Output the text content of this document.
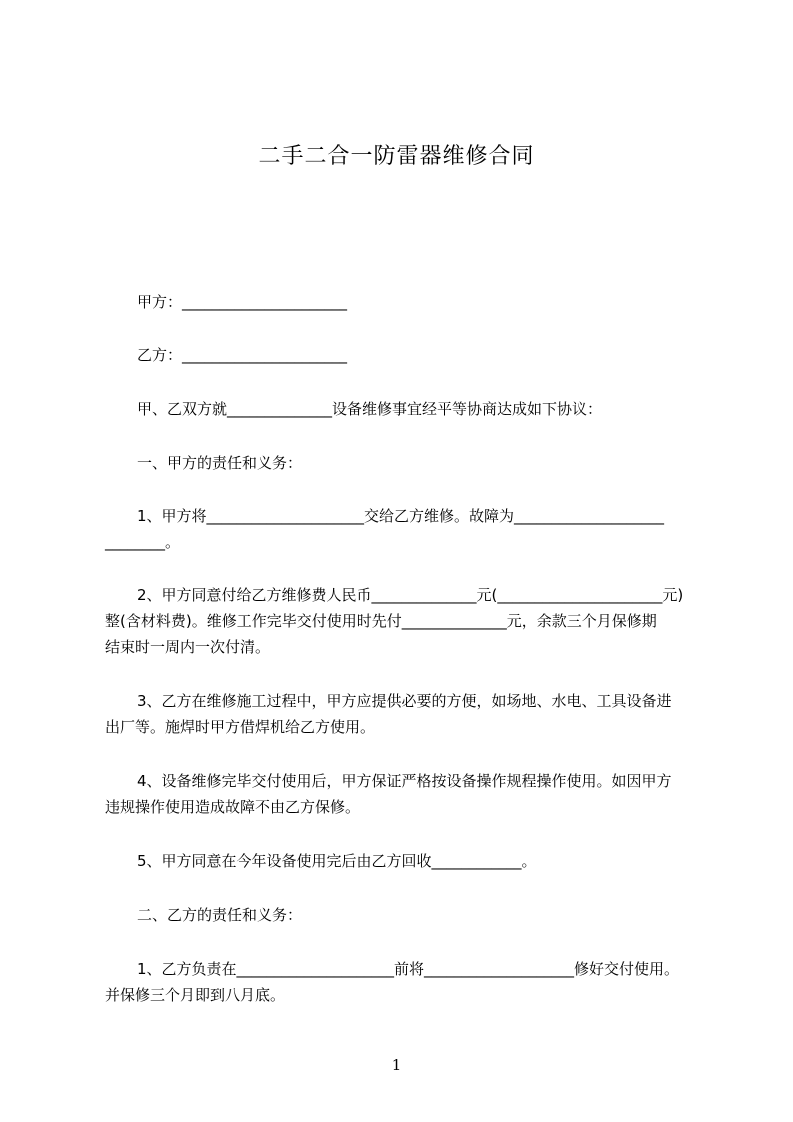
二手二合一防雷器维修合同
甲方：______________________
乙方：______________________
甲、乙双方就______________设备维修事宜经平等协商达成如下协议：
一、甲方的责任和义务：
1、甲方将_____________________交给乙方维修。故障为____________________
________。
2、甲方同意付给乙方维修费人民币______________元(______________________元)
整(含材料费)。维修工作完毕交付使用时先付______________元，余款三个月保修期
结束时一周内一次付清。
3、乙方在维修施工过程中，甲方应提供必要的方便，如场地、水电、工具设备进
出厂等。施焊时甲方借焊机给乙方使用。
4、设备维修完毕交付使用后，甲方保证严格按设备操作规程操作使用。如因甲方
违规操作使用造成故障不由乙方保修。
5、甲方同意在今年设备使用完后由乙方回收____________。
二、乙方的责任和义务：
1、乙方负责在_____________________前将____________________修好交付使用。
并保修三个月即到八月底。
1
